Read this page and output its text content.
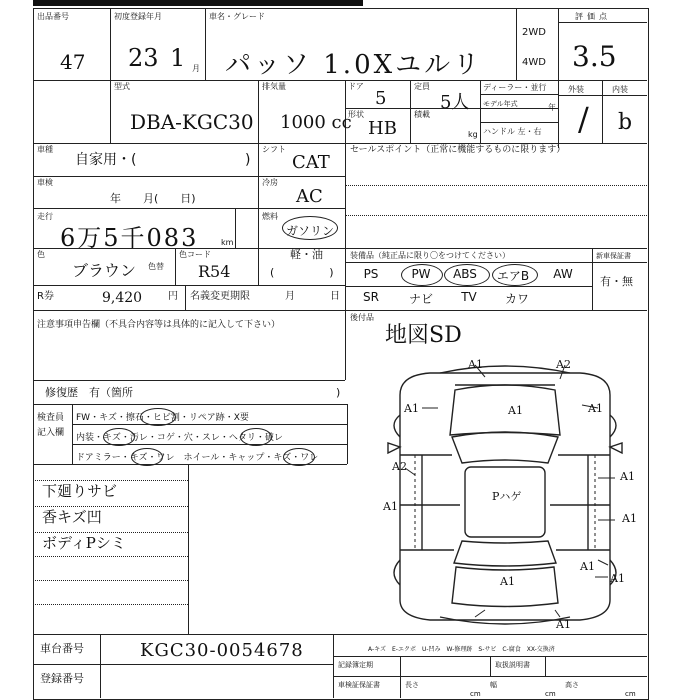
出品番号
47
初度登録年月
23 1 月
車名・グレード
パッソ 1.0Xユルリ
2WD
4WD
評価点
3.5
型式
DBA-KGC30
排気量
1000 cc
ドア
5
定員
5人
形状
HB
積載
kg
ディーラー・並行
モデル年式	年
ハンドル 左・右
外装	内装
/ b
車種
自家用・(	)
シフト
CAT
セールスポイント（正常に機能するものに限ります）
車検
年　　月(　　日)
冷房
AC
走行
6万5千083	km
燃料
ガソリン
軽・油
(　　　　　)
色
ブラウン 色替
色コード
R54
R券	9,420	円 名義変更期限	月	日
装備品（純正品に限り〇をつけてください）	新車保証書
有・無
PS	PW	ABS	エアB	AW
SR	ナビ	TV	カワ
後付品
地図SD
注意事項申告欄（不具合内容等は具体的に記入して下さい）
修復歴　有（箇所	)
検査員
記入欄
FW・キズ・擦石・ヒビ割・リペア跡・X要
内装・キズ・汚レ・コゲ・穴・スレ・ヘタリ・破レ
ドアミラー・キズ・ワレ　ホイール・キャップ・キズ・ワレ
下廻りサビ
香キズ凹
ボディPシミ
A1	A2
A1	A1	A1
A2
A1
A1
A1
A1
A1
A1
A1
Pハゲ
車台番号	KGC30-0054678
登録番号
A-キズ　E-エクボ　U-凹み　W-修理跡　S-サビ　C-腐食　XX-交換済
記録簿定期	取扱説明書
車検証保証書	長さ	幅	高さ
cm	cm	cm
